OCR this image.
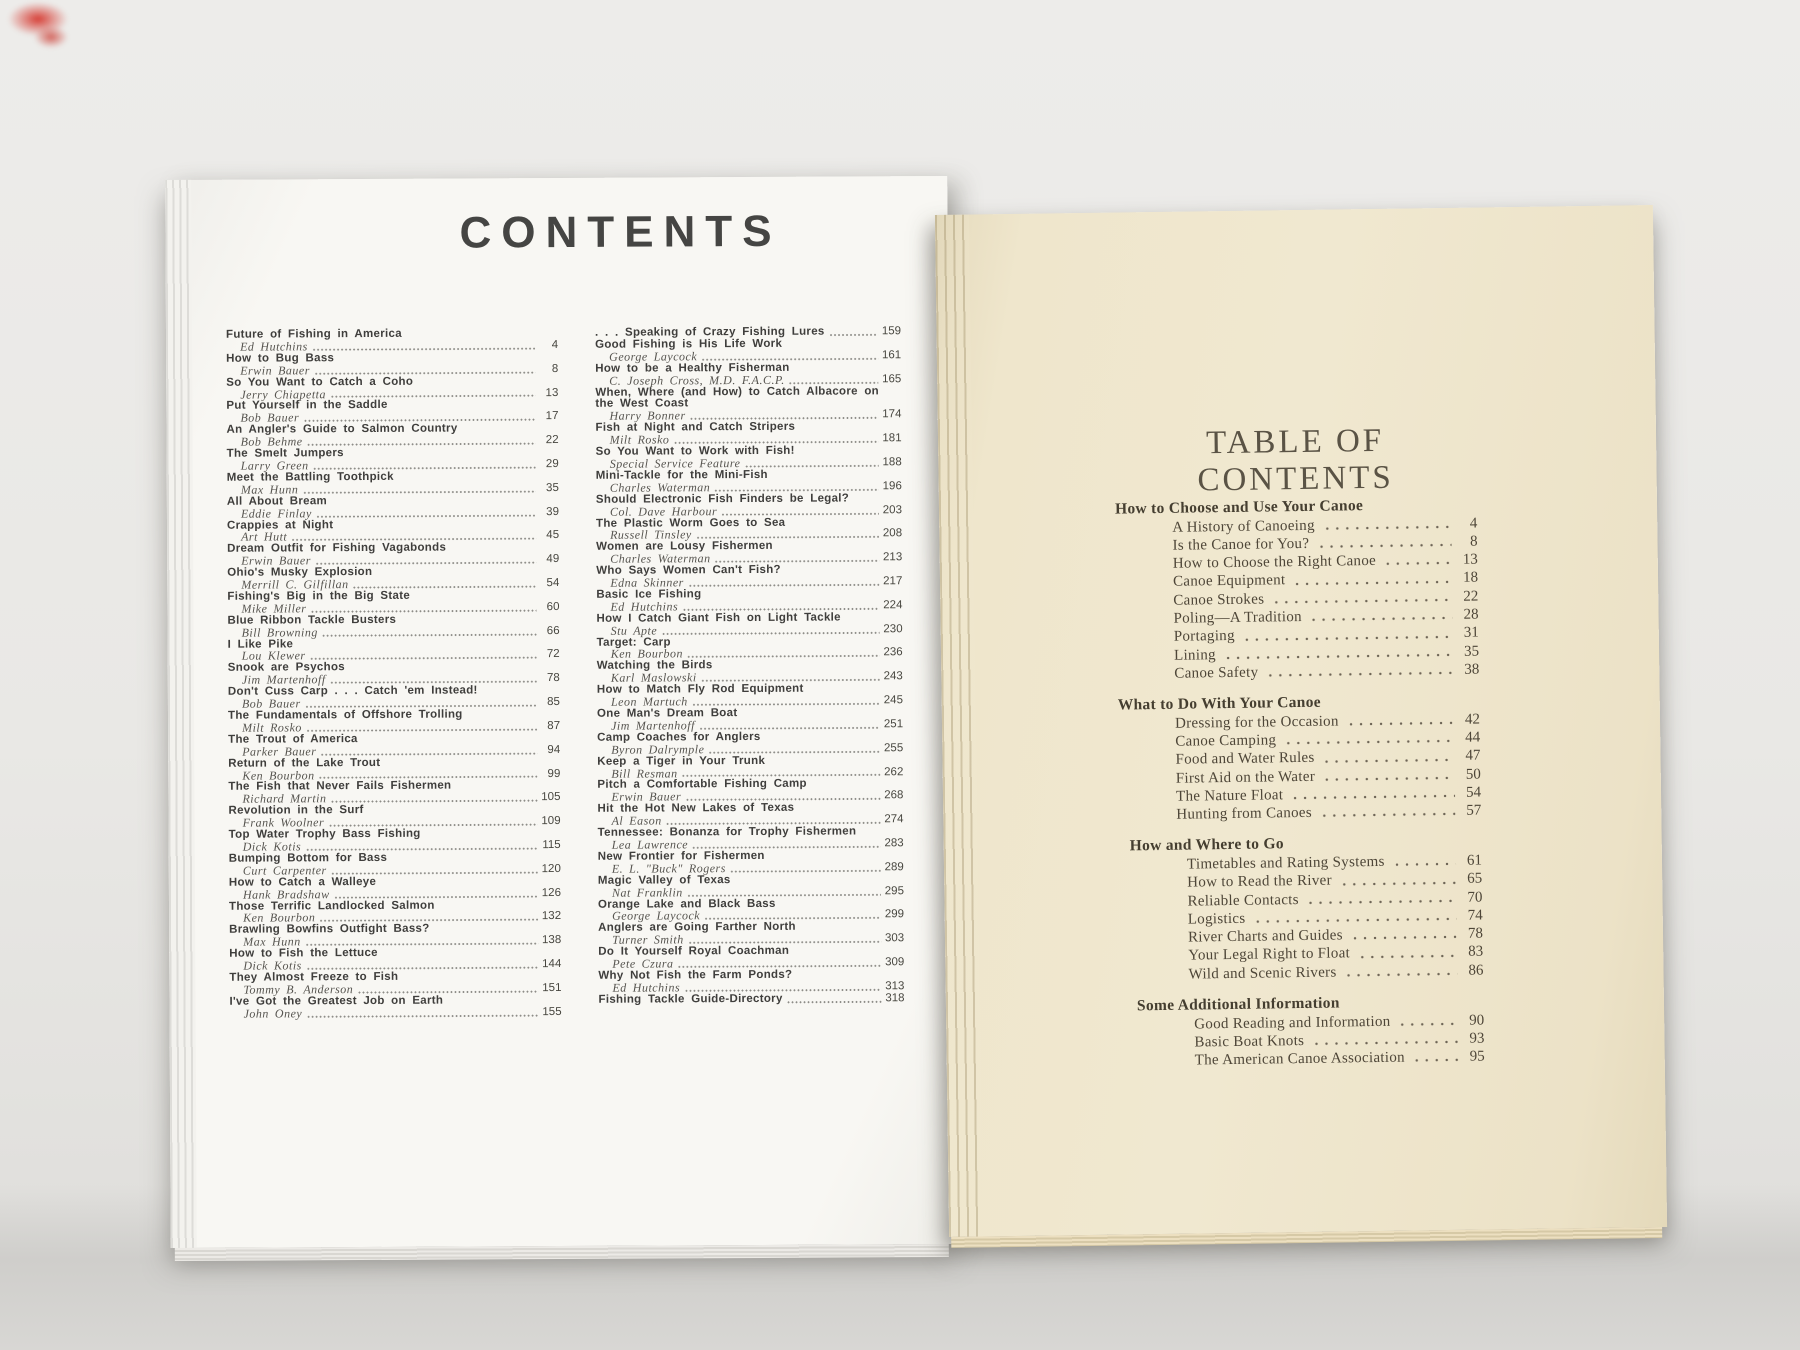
CONTENTS
Future of Fishing in America
Ed Hutchins	4
How to Bug Bass
Erwin Bauer	8
So You Want to Catch a Coho
Jerry Chiapetta	13
Put Yourself in the Saddle
Bob Bauer	17
An Angler's Guide to Salmon Country
Bob Behme	22
The Smelt Jumpers
Larry Green	29
Meet the Battling Toothpick
Max Hunn	35
All About Bream
Eddie Finlay	39
Crappies at Night
Art Hutt	45
Dream Outfit for Fishing Vagabonds
Erwin Bauer	49
Ohio's Musky Explosion
Merrill C. Gilfillan	54
Fishing's Big in the Big State
Mike Miller	60
Blue Ribbon Tackle Busters
Bill Browning	66
I Like Pike
Lou Klewer	72
Snook are Psychos
Jim Martenhoff	78
Don't Cuss Carp . . . Catch 'em Instead!
Bob Bauer	85
The Fundamentals of Offshore Trolling
Milt Rosko	87
The Trout of America
Parker Bauer	94
Return of the Lake Trout
Ken Bourbon	99
The Fish that Never Fails Fishermen
Richard Martin	105
Revolution in the Surf
Frank Woolner	109
Top Water Trophy Bass Fishing
Dick Kotis	115
Bumping Bottom for Bass
Curt Carpenter	120
How to Catch a Walleye
Hank Bradshaw	126
Those Terrific Landlocked Salmon
Ken Bourbon	132
Brawling Bowfins Outfight Bass?
Max Hunn	138
How to Fish the Lettuce
Dick Kotis	144
They Almost Freeze to Fish
Tommy B. Anderson	151
I've Got the Greatest Job on Earth
John Oney	155
. . . Speaking of Crazy Fishing Lures	159
Good Fishing is His Life Work
George Laycock	161
How to be a Healthy Fisherman
C. Joseph Cross, M.D. F.A.C.P.	165
When, Where (and How) to Catch Albacore on the West Coast
Harry Bonner	174
Fish at Night and Catch Stripers
Milt Rosko	181
So You Want to Work with Fish!
Special Service Feature	188
Mini-Tackle for the Mini-Fish
Charles Waterman	196
Should Electronic Fish Finders be Legal?
Col. Dave Harbour	203
The Plastic Worm Goes to Sea
Russell Tinsley	208
Women are Lousy Fishermen
Charles Waterman	213
Who Says Women Can't Fish?
Edna Skinner	217
Basic Ice Fishing
Ed Hutchins	224
How I Catch Giant Fish on Light Tackle
Stu Apte	230
Target: Carp
Ken Bourbon	236
Watching the Birds
Karl Maslowski	243
How to Match Fly Rod Equipment
Leon Martuch	245
One Man's Dream Boat
Jim Martenhoff	251
Camp Coaches for Anglers
Byron Dalrymple	255
Keep a Tiger in Your Trunk
Bill Resman	262
Pitch a Comfortable Fishing Camp
Erwin Bauer	268
Hit the Hot New Lakes of Texas
Al Eason	274
Tennessee: Bonanza for Trophy Fishermen
Lea Lawrence	283
New Frontier for Fishermen
E. L. "Buck" Rogers	289
Magic Valley of Texas
Nat Franklin	295
Orange Lake and Black Bass
George Laycock	299
Anglers are Going Farther North
Turner Smith	303
Do It Yourself Royal Coachman
Pete Czura	309
Why Not Fish the Farm Ponds?
Ed Hutchins	313
Fishing Tackle Guide-Directory	318
TABLE OF CONTENTS
How to Choose and Use Your Canoe
A History of Canoeing	4
Is the Canoe for You?	8
How to Choose the Right Canoe	13
Canoe Equipment	18
Canoe Strokes	22
Poling—A Tradition	28
Portaging	31
Lining	35
Canoe Safety	38
What to Do With Your Canoe
Dressing for the Occasion	42
Canoe Camping	44
Food and Water Rules	47
First Aid on the Water	50
The Nature Float	54
Hunting from Canoes	57
How and Where to Go
Timetables and Rating Systems	61
How to Read the River	65
Reliable Contacts	70
Logistics	74
River Charts and Guides	78
Your Legal Right to Float	83
Wild and Scenic Rivers	86
Some Additional Information
Good Reading and Information	90
Basic Boat Knots	93
The American Canoe Association	95
